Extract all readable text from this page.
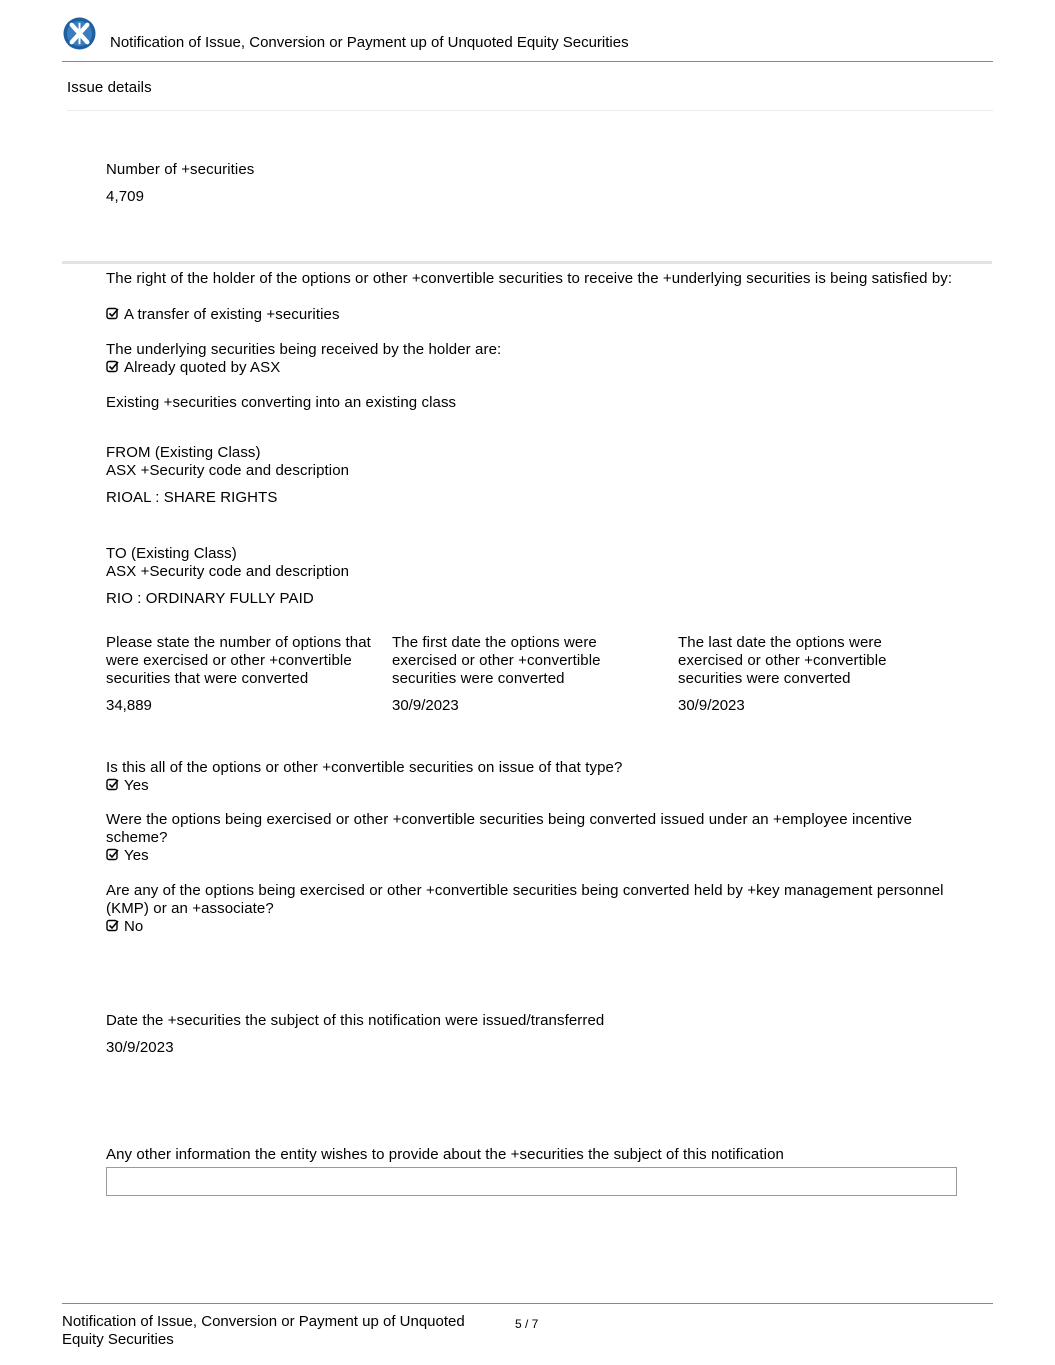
Notification of Issue, Conversion or Payment up of Unquoted Equity Securities
Issue details
Number of +securities
4,709
The right of the holder of the options or other +convertible securities to receive the +underlying securities is being satisfied by:
A transfer of existing +securities
The underlying securities being received by the holder are:
Already quoted by ASX
Existing +securities converting into an existing class
FROM (Existing Class)
ASX +Security code and description
RIOAL : SHARE RIGHTS
TO (Existing Class)
ASX +Security code and description
RIO : ORDINARY FULLY PAID
Please state the number of options that were exercised or other +convertible securities that were converted
34,889
The first date the options were exercised or other +convertible securities were converted
30/9/2023
The last date the options were exercised or other +convertible securities were converted
30/9/2023
Is this all of the options or other +convertible securities on issue of that type?
Yes
Were the options being exercised or other +convertible securities being converted issued under an +employee incentive scheme?
Yes
Are any of the options being exercised or other +convertible securities being converted held by +key management personnel (KMP) or an +associate?
No
Date the +securities the subject of this notification were issued/transferred
30/9/2023
Any other information the entity wishes to provide about the +securities the subject of this notification
Notification of Issue, Conversion or Payment up of Unquoted Equity Securities
5 / 7
